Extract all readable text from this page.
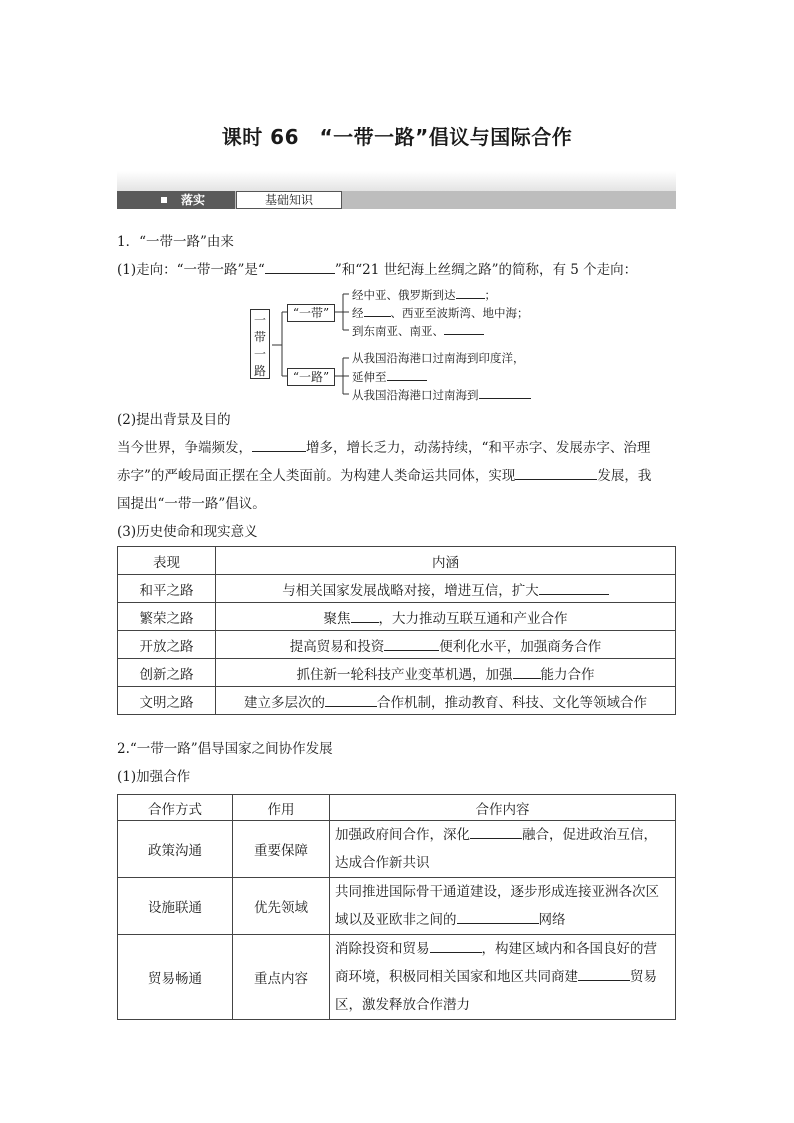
课时 66　“一带一路”倡议与国际合作
落实	基础知识
1．“一带一路”由来
(1)走向：“一带一路”是“	”和“21 世纪海上丝绸之路”的简称，有 5 个走向：
一带一路
“一带”
“一路”
经中亚、俄罗斯到达	；
经 、西亚至波斯湾、地中海；
到东南亚、南亚、
从我国沿海港口过南海到印度洋，
延伸至
从我国沿海港口过南海到
(2)提出背景及目的
当今世界，争端频发，	增多，增长乏力，动荡持续，“和平赤字、发展赤字、治理
赤字”的严峻局面正摆在全人类面前。为构建人类命运共同体，实现	发展，我
国提出“一带一路”倡议。
(3)历史使命和现实意义
表现	内涵
和平之路	与相关国家发展战略对接，增进互信，扩大
繁荣之路	聚焦 ，大力推动互联互通和产业合作
开放之路	提高贸易和投资 便利化水平，加强商务合作
创新之路	抓住新一轮科技产业变革机遇，加强 能力合作
文明之路	建立多层次的 合作机制，推动教育、科技、文化等领域合作
2.“一带一路”倡导国家之间协作发展
(1)加强合作
合作方式	作用	合作内容
政策沟通	重要保障	加强政府间合作，深化 融合，促进政治互信，
达成合作新共识

设施联通	优先领域	共同推进国际骨干通道建设，逐步形成连接亚洲各次区
域以及亚欧非之间的 网络

贸易畅通	重点内容	消除投资和贸易 ，构建区域内和各国良好的营
商环境，积极同相关国家和地区共同商建 贸易
区，激发释放合作潜力
